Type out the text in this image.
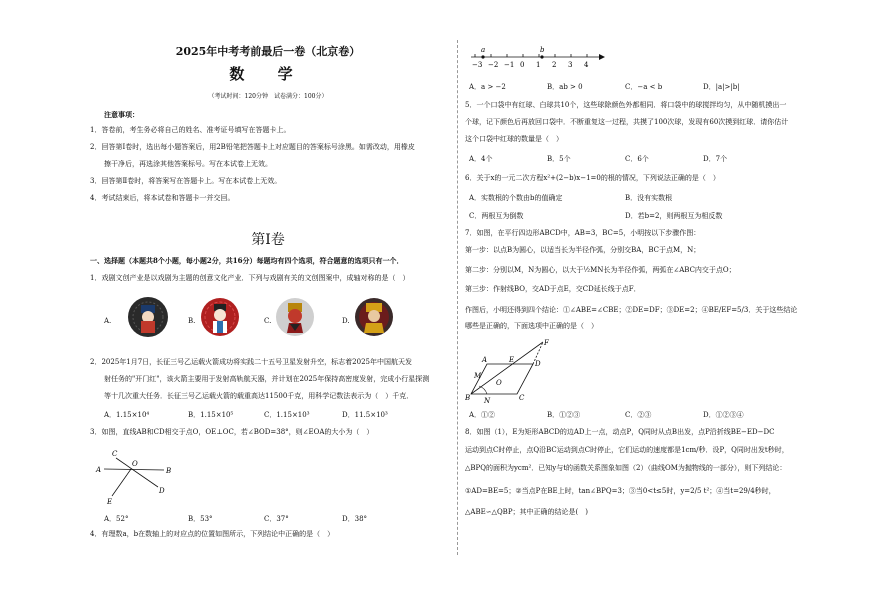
2025年中考考前最后一卷（北京卷）
数 学
（考试时间：120分钟　试卷满分：100分）
注意事项：
1．答卷前，考生务必将自己的姓名、准考证号填写在答题卡上。
2．回答第Ⅰ卷时，选出每小题答案后，用2B铅笔把答题卡上对应题目的答案标号涂黑。如需改动，用橡皮
擦干净后，再选涂其他答案标号。写在本试卷上无效。
3．回答第Ⅱ卷时，将答案写在答题卡上。写在本试卷上无效。
4．考试结束后，将本试卷和答题卡一并交回。
第Ⅰ卷
一、选择题（本题共8个小题，每小题2分，共16分）每题均有四个选项，符合题意的选项只有一个．
1．戏剧文创产业是以戏剧为主题的创意文化产业．下列与戏剧有关的文创图案中，成轴对称的是（　）
A.	B.	C.	D.
2．2025年1月7日，长征三号乙运载火箭成功将实践二十五号卫星发射升空，标志着2025年中国航天发
射任务的"开门红"，该火箭主要用于发射高轨航天器，并计划在2025年保持高密度发射，完成小行星探测
等十几次重大任务．长征三号乙运载火箭的载重高达11500千克，用科学记数法表示为（　）千克．
A．1.15×10⁴	B．1.15×10⁵	C．1.15×10³	D．11.5×10³
3．如图，直线AB和CD相交于点O，OE⊥OC，若∠BOD=38°，则∠EOA的大小为（　）
A
C
O
B
E
D
A．52°	B．53°	C．37°	D．38°
4．有理数a，b在数轴上的对应点的位置如图所示，下列结论中正确的是（　）
−3 −2 −1 0 1 2 3 4
a	b
A．a > −2	B．ab > 0	C．−a < b	D．|a|>|b|
5．一个口袋中有红球、白球共10个，这些球除颜色外都相同．将口袋中的球搅拌均匀，从中随机摸出一
个球，记下颜色后再放回口袋中．不断重复这一过程，共摸了100次球，发现有60次摸到红球．请你估计
这个口袋中红球的数量是（　）
A．4个	B．5个	C．6个	D．7个
6．关于x的一元二次方程x²+(2−b)x−1=0的根的情况，下列说法正确的是（　）
A．实数根的个数由b的值确定	B．没有实数根
C．两根互为倒数	D．若b=2，则两根互为相反数
7．如图，在平行四边形ABCD中，AB=3，BC=5，小明按以下步骤作图：
第一步：以点B为圆心，以适当长为半径作弧，分别交BA，BC于点M，N；
第二步：分别以M，N为圆心，以大于½MN长为半径作弧，两弧在∠ABC内交于点O；
第三步：作射线BO，交AD于点E，交CD延长线于点F．
作图后，小明还得到四个结论：①∠ABE=∠CBE；②DE=DF；③DE=2；④BE/EF=5/3．关于这些结论
哪些是正确的，下面选项中正确的是（　）
F
A	E	D
M
O
B N	C
A．①②	B．①②③	C．②③	D．①②③④
8．如图（1），E为矩形ABCD的边AD上一点，动点P，Q同时从点B出发，点P沿折线BE−ED−DC
运动到点C时停止，点Q沿BC运动到点C时停止，它们运动的速度都是1cm/秒．设P，Q同时出发t秒时，
△BPQ的面积为ycm²．已知y与t的函数关系图象如图（2）（曲线OM为抛物线的一部分），则下列结论：
①AD=BE=5；②当点P在BE上时，tan∠BPQ=3；③当0<t≤5时，y=2/5 t²；④当t=29/4秒时，
△ABE∽△QBP；其中正确的结论是(　)
